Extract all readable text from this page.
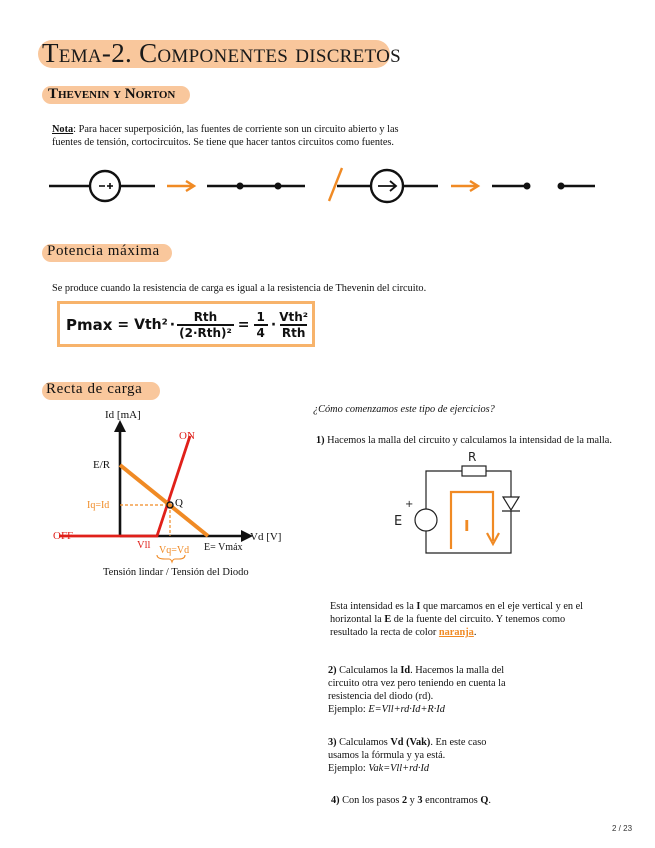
Tema-2. Componentes discretos
Thevenin y Norton
Nota: Para hacer superposición, las fuentes de corriente son un circuito abierto y las
fuentes de tensión, cortocircuitos. Se tiene que hacer tantos circuitos como fuentes.
Potencia máxima
Se produce cuando la resistencia de carga es igual a la resistencia de Thevenin del circuito.
Pmax = Vth² · Rth
$(2\cdot Rth)^2 = \frac{1}{4} \cdot Vth^2$
Rth
Recta de carga
Id [mA]
Vd [V]
ON
OFF
E/R
Iq=Id	Q
Vll Vq=Vd E= Vmáx
Tensión lindar / Tensión del Diodo
¿Cómo comenzamos este tipo de ejercicios?
1) Hacemos la malla del circuito y calculamos la intensidad de la malla.
R
E
+
I
Esta intensidad es la I que marcamos en el eje vertical y en el horizontal la E de la fuente del circuito. Y tenemos como resultado la recta de color naranja.
2) Calculamos la Id. Hacemos la malla del circuito otra vez pero teniendo en cuenta la resistencia del diodo (rd).
Ejemplo: E=Vll+rd·Id+R·Id
3) Calculamos Vd (Vak). En este caso usamos la fórmula y ya está.
Ejemplo: Vak=Vll+rd·Id
4) Con los pasos 2 y 3 encontramos Q.
2 / 23
